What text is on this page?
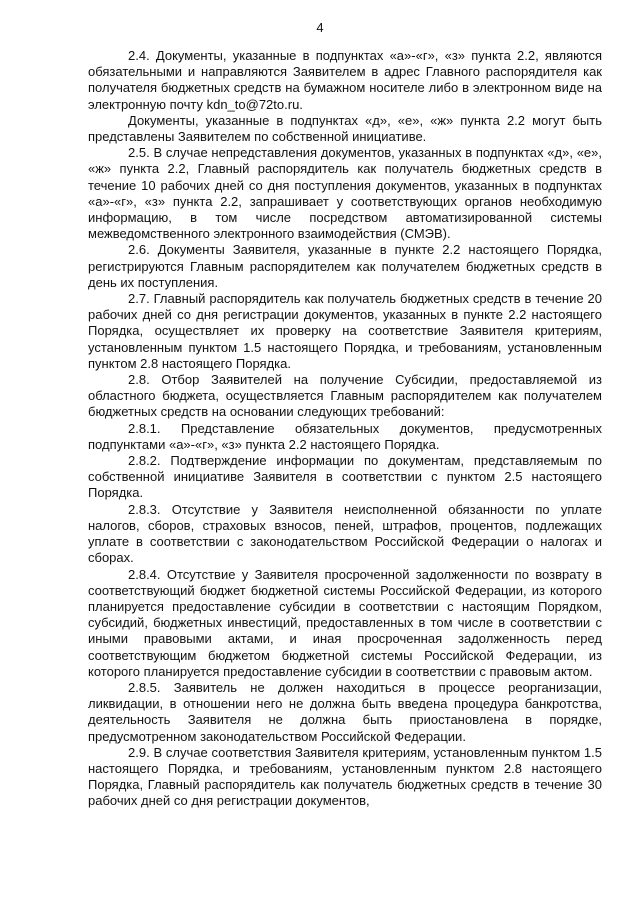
4

2.4. Документы, указанные в подпунктах «а»-«г», «з» пункта 2.2, являются обязательными и направляются Заявителем в адрес Главного распорядителя как получателя бюджетных средств на бумажном носителе либо в электронном виде на электронную почту kdn_to@72to.ru.

Документы, указанные в подпунктах «д», «е», «ж» пункта 2.2 могут быть представлены Заявителем по собственной инициативе.

2.5. В случае непредставления документов, указанных в подпунктах «д», «е», «ж» пункта 2.2, Главный распорядитель как получатель бюджетных средств в течение 10 рабочих дней со дня поступления документов, указанных в подпунктах «а»-«г», «з» пункта 2.2, запрашивает у соответствующих органов необходимую информацию, в том числе посредством автоматизированной системы межведомственного электронного взаимодействия (СМЭВ).

2.6. Документы Заявителя, указанные в пункте 2.2 настоящего Порядка, регистрируются Главным распорядителем как получателем бюджетных средств в день их поступления.

2.7. Главный распорядитель как получатель бюджетных средств в течение 20 рабочих дней со дня регистрации документов, указанных в пункте 2.2 настоящего Порядка, осуществляет их проверку на соответствие Заявителя критериям, установленным пунктом 1.5 настоящего Порядка, и требованиям, установленным пунктом 2.8 настоящего Порядка.

2.8. Отбор Заявителей на получение Субсидии, предоставляемой из областного бюджета, осуществляется Главным распорядителем как получателем бюджетных средств на основании следующих требований:

2.8.1. Представление обязательных документов, предусмотренных подпунктами «а»-«г», «з» пункта 2.2 настоящего Порядка.

2.8.2. Подтверждение информации по документам, представляемым по собственной инициативе Заявителя в соответствии с пунктом 2.5 настоящего Порядка.

2.8.3. Отсутствие у Заявителя неисполненной обязанности по уплате налогов, сборов, страховых взносов, пеней, штрафов, процентов, подлежащих уплате в соответствии с законодательством Российской Федерации о налогах и сборах.

2.8.4. Отсутствие у Заявителя просроченной задолженности по возврату в соответствующий бюджет бюджетной системы Российской Федерации, из которого планируется предоставление субсидии в соответствии с настоящим Порядком, субсидий, бюджетных инвестиций, предоставленных в том числе в соответствии с иными правовыми актами, и иная просроченная задолженность перед соответствующим бюджетом бюджетной системы Российской Федерации, из которого планируется предоставление субсидии в соответствии с правовым актом.

2.8.5. Заявитель не должен находиться в процессе реорганизации, ликвидации, в отношении него не должна быть введена процедура банкротства, деятельность Заявителя не должна быть приостановлена в порядке, предусмотренном законодательством Российской Федерации.

2.9. В случае соответствия Заявителя критериям, установленным пунктом 1.5 настоящего Порядка, и требованиям, установленным пунктом 2.8 настоящего Порядка, Главный распорядитель как получатель бюджетных средств в течение 30 рабочих дней со дня регистрации документов,
